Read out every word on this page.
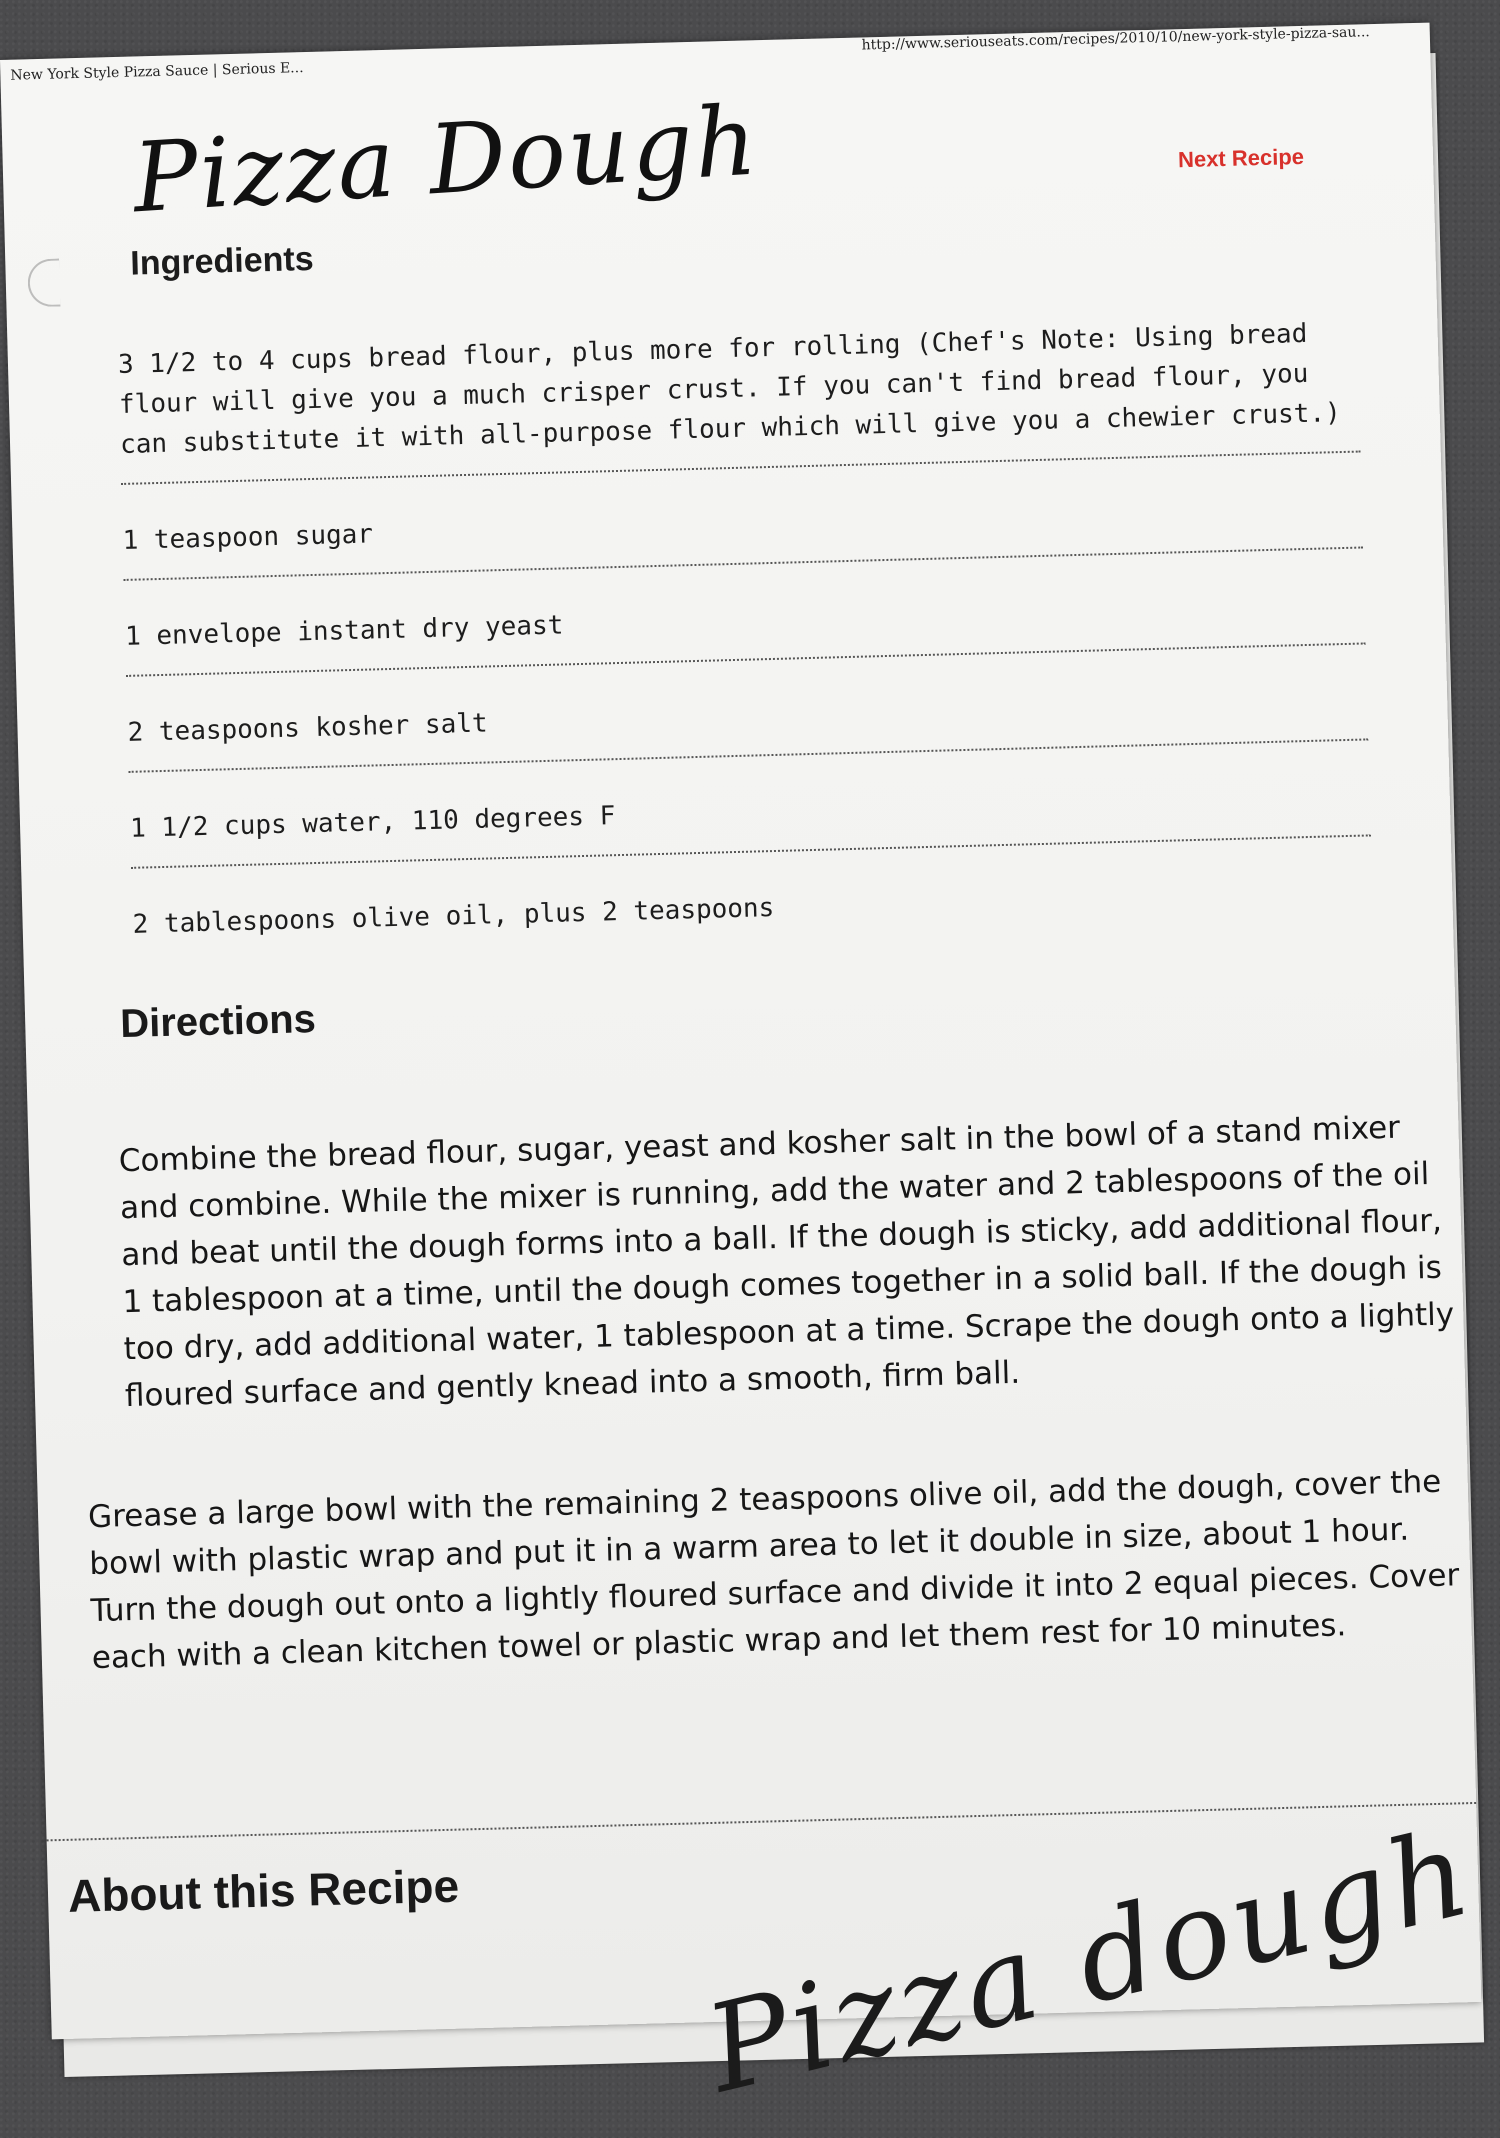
New York Style Pizza Sauce | Serious E...
http://www.seriouseats.com/recipes/2010/10/new-york-style-pizza-sau...
Pizza Dough	Next Recipe
Ingredients
3 1/2 to 4 cups bread flour, plus more for rolling (Chef's Note: Using bread flour will give you a much crisper crust. If you can't find bread flour, you can substitute it with all-purpose flour which will give you a chewier crust.)
1 teaspoon sugar
1 envelope instant dry yeast
2 teaspoons kosher salt
1 1/2 cups water, 110 degrees F
2 tablespoons olive oil, plus 2 teaspoons
Directions

Combine the bread flour, sugar, yeast and kosher salt in the bowl of a stand mixer and combine. While the mixer is running, add the water and 2 tablespoons of the oil and beat until the dough forms into a ball. If the dough is sticky, add additional flour, 1 tablespoon at a time, until the dough comes together in a solid ball. If the dough is too dry, add additional water, 1 tablespoon at a time. Scrape the dough onto a lightly floured surface and gently knead into a smooth, firm ball.

Grease a large bowl with the remaining 2 teaspoons olive oil, add the dough, cover the bowl with plastic wrap and put it in a warm area to let it double in size, about 1 hour. Turn the dough out onto a lightly floured surface and divide it into 2 equal pieces. Cover each with a clean kitchen towel or plastic wrap and let them rest for 10 minutes.

About this Recipe Pizza dough
